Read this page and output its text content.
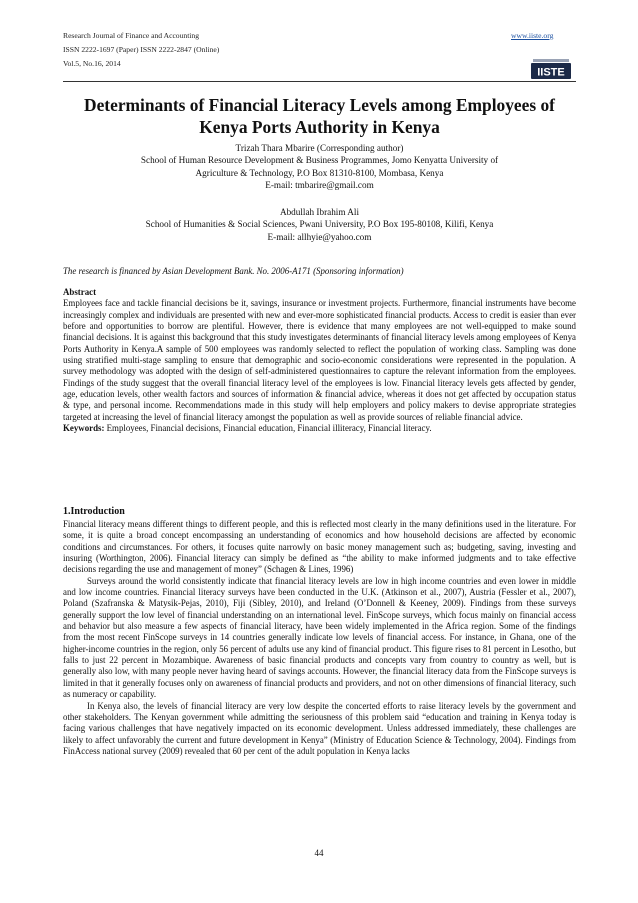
Research Journal of Finance and Accounting	www.iiste.org
ISSN 2222-1697 (Paper) ISSN 2222-2847 (Online)
Vol.5, No.16, 2014
IISTE
Determinants of Financial Literacy Levels among Employees of
Kenya Ports Authority in Kenya
Trizah Thara Mbarire (Corresponding author)
School of Human Resource Development & Business Programmes, Jomo Kenyatta University of
Agriculture & Technology, P.O Box 81310-8100, Mombasa, Kenya
E-mail: tmbarire@gmail.com
Abdullah Ibrahim Ali
School of Humanities & Social Sciences, Pwani University, P.O Box 195-80108, Kilifi, Kenya
E-mail: allhyie@yahoo.com
The research is financed by Asian Development Bank. No. 2006-A171 (Sponsoring information)

Abstract

Employees face and tackle financial decisions be it, savings, insurance or investment projects. Furthermore, financial instruments have become increasingly complex and individuals are presented with new and ever-more sophisticated financial products. Access to credit is easier than ever before and opportunities to borrow are plentiful. However, there is evidence that many employees are not well-equipped to make sound financial decisions. It is against this background that this study investigates determinants of financial literacy levels among employees of Kenya Ports Authority in Kenya.A sample of 500 employees was randomly selected to reflect the population of working class. Sampling was done using stratified multi-stage sampling to ensure that demographic and socio-economic considerations were represented in the population. A survey methodology was adopted with the design of self-administered questionnaires to capture the relevant information from the employees. Findings of the study suggest that the overall financial literacy level of the employees is low. Financial literacy levels gets affected by gender, age, education levels, other wealth factors and sources of information & financial advice, whereas it does not get affected by occupation status & type, and personal income. Recommendations made in this study will help employers and policy makers to devise appropriate strategies targeted at increasing the level of financial literacy amongst the population as well as provide sources of reliable financial advice.

Keywords: Employees, Financial decisions, Financial education, Financial illiteracy, Financial literacy.

1.Introduction

Financial literacy means different things to different people, and this is reflected most clearly in the many definitions used in the literature. For some, it is quite a broad concept encompassing an understanding of economics and how household decisions are affected by economic conditions and circumstances. For others, it focuses quite narrowly on basic money management such as; budgeting, saving, investing and insuring (Worthington, 2006). Financial literacy can simply be defined as “the ability to make informed judgments and to take effective decisions regarding the use and management of money” (Schagen & Lines, 1996)

Surveys around the world consistently indicate that financial literacy levels are low in high income countries and even lower in middle and low income countries. Financial literacy surveys have been conducted in the U.K. (Atkinson et al., 2007), Austria (Fessler et al., 2007), Poland (Szafranska & Matysik-Pejas, 2010), Fiji (Sibley, 2010), and Ireland (O’Donnell & Keeney, 2009). Findings from these surveys generally support the low level of financial understanding on an international level. FinScope surveys, which focus mainly on financial access and behavior but also measure a few aspects of financial literacy, have been widely implemented in the Africa region. Some of the findings from the most recent FinScope surveys in 14 countries generally indicate low levels of financial access. For instance, in Ghana, one of the higher-income countries in the region, only 56 percent of adults use any kind of financial product. This figure rises to 81 percent in Lesotho, but falls to just 22 percent in Mozambique. Awareness of basic financial products and concepts vary from country to country as well, but is generally also low, with many people never having heard of savings accounts. However, the financial literacy data from the FinScope surveys is limited in that it generally focuses only on awareness of financial products and providers, and not on other dimensions of financial literacy, such as numeracy or capability.

In Kenya also, the levels of financial literacy are very low despite the concerted efforts to raise literacy levels by the government and other stakeholders. The Kenyan government while admitting the seriousness of this problem said “education and training in Kenya today is facing various challenges that have negatively impacted on its economic development. Unless addressed immediately, these challenges are likely to affect unfavorably the current and future development in Kenya” (Ministry of Education Science & Technology, 2004). Findings from FinAccess national survey (2009) revealed that 60 per cent of the adult population in Kenya lacks

44
